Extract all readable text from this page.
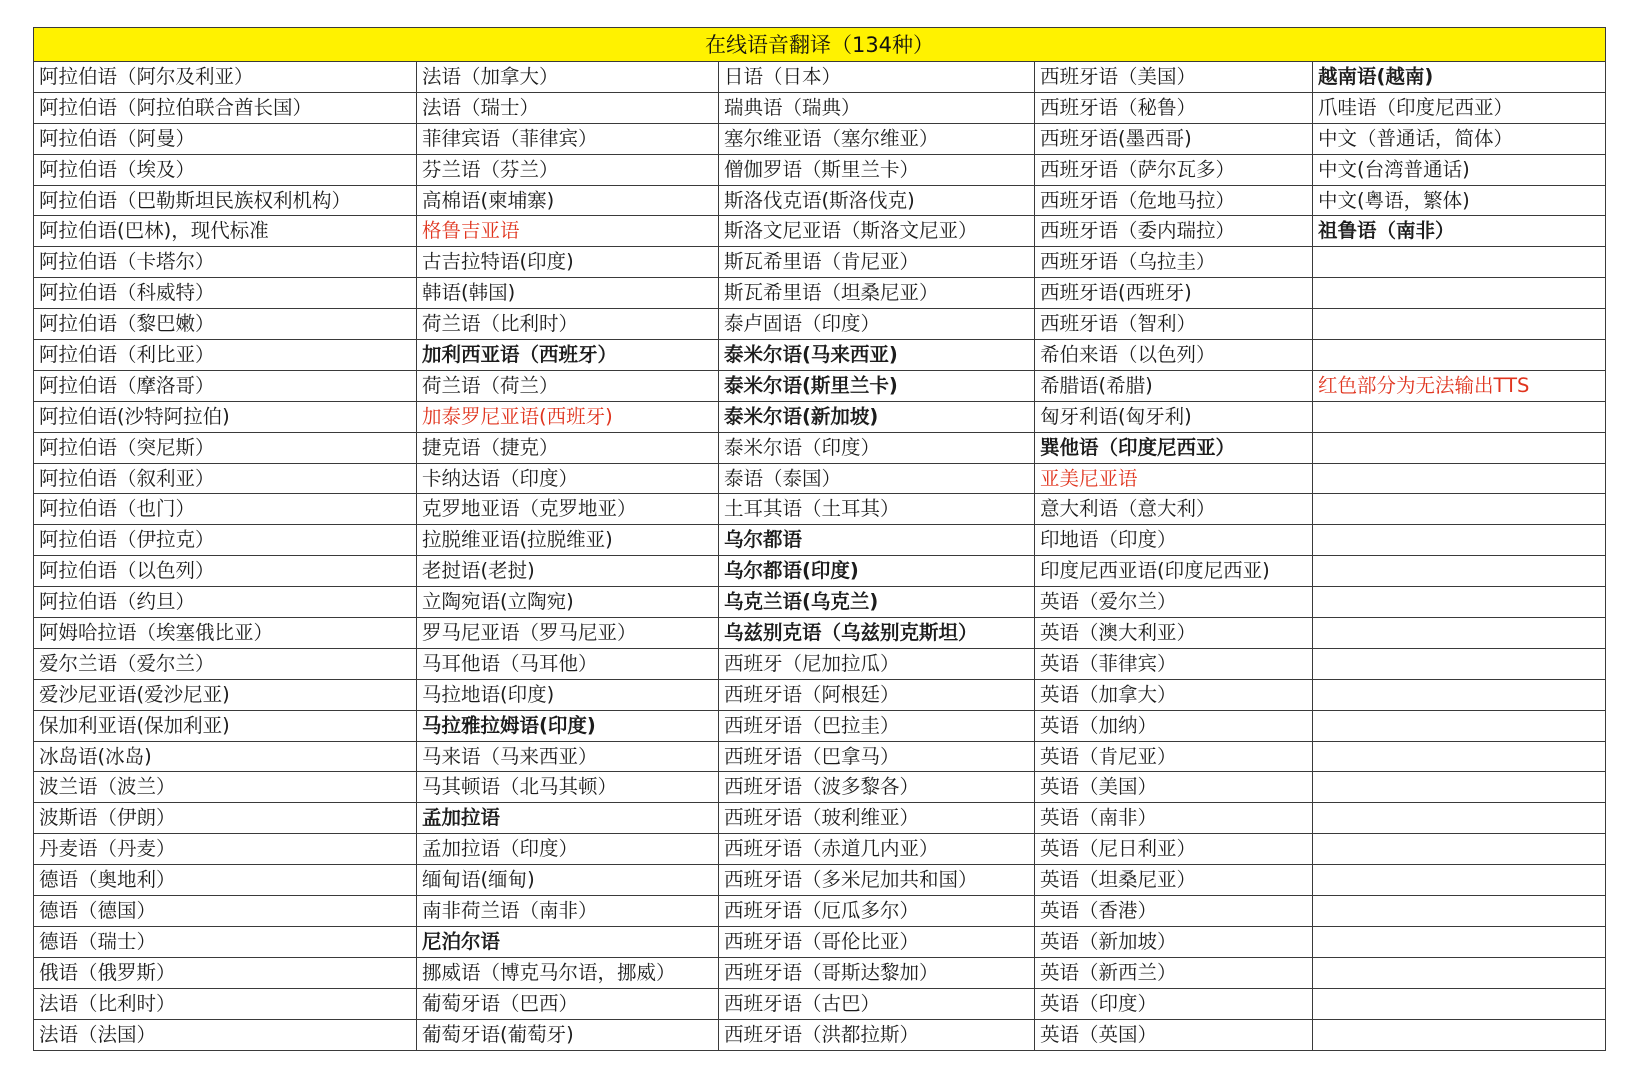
在线语音翻译（134种）				
阿拉伯语（阿尔及利亚）	法语（加拿大）	日语（日本）	西班牙语（美国）	越南语(越南)
阿拉伯语（阿拉伯联合酋长国）	法语（瑞士）	瑞典语（瑞典）	西班牙语（秘鲁）	爪哇语（印度尼西亚）
阿拉伯语（阿曼）	菲律宾语（菲律宾）	塞尔维亚语（塞尔维亚）	西班牙语(墨西哥)	中文（普通话，简体）
阿拉伯语（埃及）	芬兰语（芬兰）	僧伽罗语（斯里兰卡）	西班牙语（萨尔瓦多）	中文(台湾普通话)
阿拉伯语（巴勒斯坦民族权利机构）	高棉语(柬埔寨)	斯洛伐克语(斯洛伐克)	西班牙语（危地马拉）	中文(粤语，繁体)
阿拉伯语(巴林)，现代标准	格鲁吉亚语	斯洛文尼亚语（斯洛文尼亚）	西班牙语（委内瑞拉）	祖鲁语（南非）
阿拉伯语（卡塔尔）	古吉拉特语(印度)	斯瓦希里语（肯尼亚）	西班牙语（乌拉圭）	
阿拉伯语（科威特）	韩语(韩国)	斯瓦希里语（坦桑尼亚）	西班牙语(西班牙)	
阿拉伯语（黎巴嫩）	荷兰语（比利时）	泰卢固语（印度）	西班牙语（智利）	
阿拉伯语（利比亚）	加利西亚语（西班牙）	泰米尔语(马来西亚)	希伯来语（以色列）	
阿拉伯语（摩洛哥）	荷兰语（荷兰）	泰米尔语(斯里兰卡)	希腊语(希腊)	红色部分为无法输出TTS
阿拉伯语(沙特阿拉伯)	加泰罗尼亚语(西班牙)	泰米尔语(新加坡)	匈牙利语(匈牙利)	
阿拉伯语（突尼斯）	捷克语（捷克）	泰米尔语（印度）	巽他语（印度尼西亚）	
阿拉伯语（叙利亚）	卡纳达语（印度）	泰语（泰国）	亚美尼亚语	
阿拉伯语（也门）	克罗地亚语（克罗地亚）	土耳其语（土耳其）	意大利语（意大利）	
阿拉伯语（伊拉克）	拉脱维亚语(拉脱维亚)	乌尔都语	印地语（印度）	
阿拉伯语（以色列）	老挝语(老挝)	乌尔都语(印度)	印度尼西亚语(印度尼西亚)	
阿拉伯语（约旦）	立陶宛语(立陶宛)	乌克兰语(乌克兰)	英语（爱尔兰）	
阿姆哈拉语（埃塞俄比亚）	罗马尼亚语（罗马尼亚）	乌兹别克语（乌兹别克斯坦）	英语（澳大利亚）	
爱尔兰语（爱尔兰）	马耳他语（马耳他）	西班牙（尼加拉瓜）	英语（菲律宾）	
爱沙尼亚语(爱沙尼亚)	马拉地语(印度)	西班牙语（阿根廷）	英语（加拿大）	
保加利亚语(保加利亚)	马拉雅拉姆语(印度)	西班牙语（巴拉圭）	英语（加纳）	
冰岛语(冰岛)	马来语（马来西亚）	西班牙语（巴拿马）	英语（肯尼亚）	
波兰语（波兰）	马其顿语（北马其顿）	西班牙语（波多黎各）	英语（美国）	
波斯语（伊朗）	孟加拉语	西班牙语（玻利维亚）	英语（南非）	
丹麦语（丹麦）	孟加拉语（印度）	西班牙语（赤道几内亚）	英语（尼日利亚）	
德语（奥地利）	缅甸语(缅甸)	西班牙语（多米尼加共和国）	英语（坦桑尼亚）	
德语（德国）	南非荷兰语（南非）	西班牙语（厄瓜多尔）	英语（香港）	
德语（瑞士）	尼泊尔语	西班牙语（哥伦比亚）	英语（新加坡）	
俄语（俄罗斯）	挪威语（博克马尔语，挪威）	西班牙语（哥斯达黎加）	英语（新西兰）	
法语（比利时）	葡萄牙语（巴西）	西班牙语（古巴）	英语（印度）	
法语（法国）	葡萄牙语(葡萄牙)	西班牙语（洪都拉斯）	英语（英国）	
